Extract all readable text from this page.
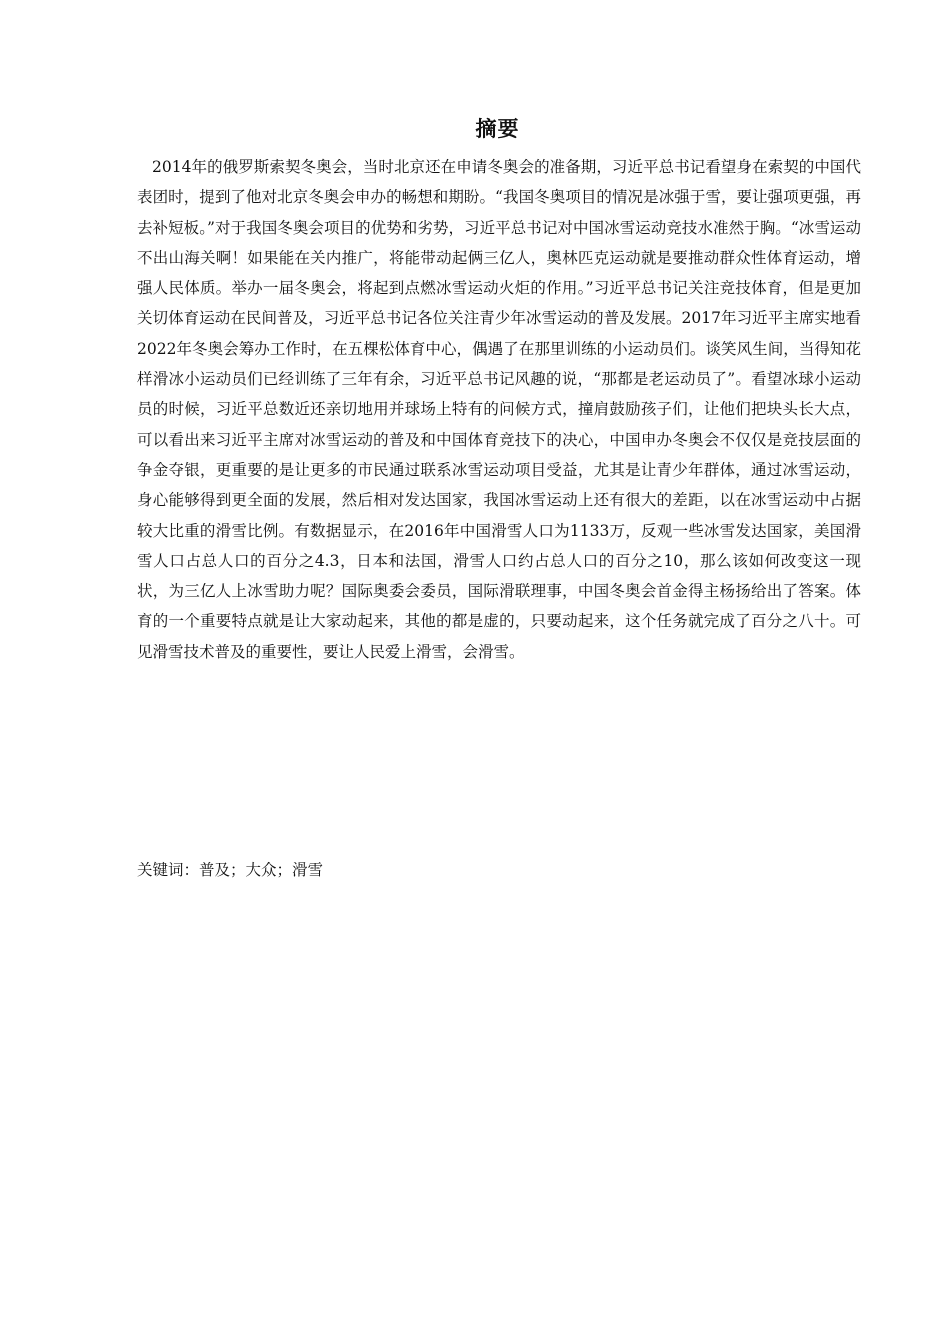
摘要

2014年的俄罗斯索契冬奥会，当时北京还在申请冬奥会的准备期，习近平总书记看望身在索契的中国代表团时，提到了他对北京冬奥会申办的畅想和期盼。“我国冬奥项目的情况是冰强于雪，要让强项更强，再去补短板。”对于我国冬奥会项目的优势和劣势，习近平总书记对中国冰雪运动竞技水准然于胸。“冰雪运动不出山海关啊！如果能在关内推广，将能带动起俩三亿人，奥林匹克运动就是要推动群众性体育运动，增强人民体质。举办一届冬奥会，将起到点燃冰雪运动火炬的作用。”习近平总书记关注竞技体育，但是更加关切体育运动在民间普及，习近平总书记各位关注青少年冰雪运动的普及发展。2017年习近平主席实地看2022年冬奥会筹办工作时，在五棵松体育中心，偶遇了在那里训练的小运动员们。谈笑风生间，当得知花样滑冰小运动员们已经训练了三年有余，习近平总书记风趣的说，“那都是老运动员了”。看望冰球小运动员的时候，习近平总数近还亲切地用并球场上特有的问候方式，撞肩鼓励孩子们，让他们把块头长大点，可以看出来习近平主席对冰雪运动的普及和中国体育竞技下的决心，中国申办冬奥会不仅仅是竞技层面的争金夺银，更重要的是让更多的市民通过联系冰雪运动项目受益，尤其是让青少年群体，通过冰雪运动，身心能够得到更全面的发展，然后相对发达国家，我国冰雪运动上还有很大的差距，以在冰雪运动中占据较大比重的滑雪比例。有数据显示，在2016年中国滑雪人口为1133万，反观一些冰雪发达国家，美国滑雪人口占总人口的百分之4.3，日本和法国，滑雪人口约占总人口的百分之10，那么该如何改变这一现状，为三亿人上冰雪助力呢？国际奥委会委员，国际滑联理事，中国冬奥会首金得主杨扬给出了答案。体育的一个重要特点就是让大家动起来，其他的都是虚的，只要动起来，这个任务就完成了百分之八十。可见滑雪技术普及的重要性，要让人民爱上滑雪，会滑雪。

关键词：普及；大众；滑雪
